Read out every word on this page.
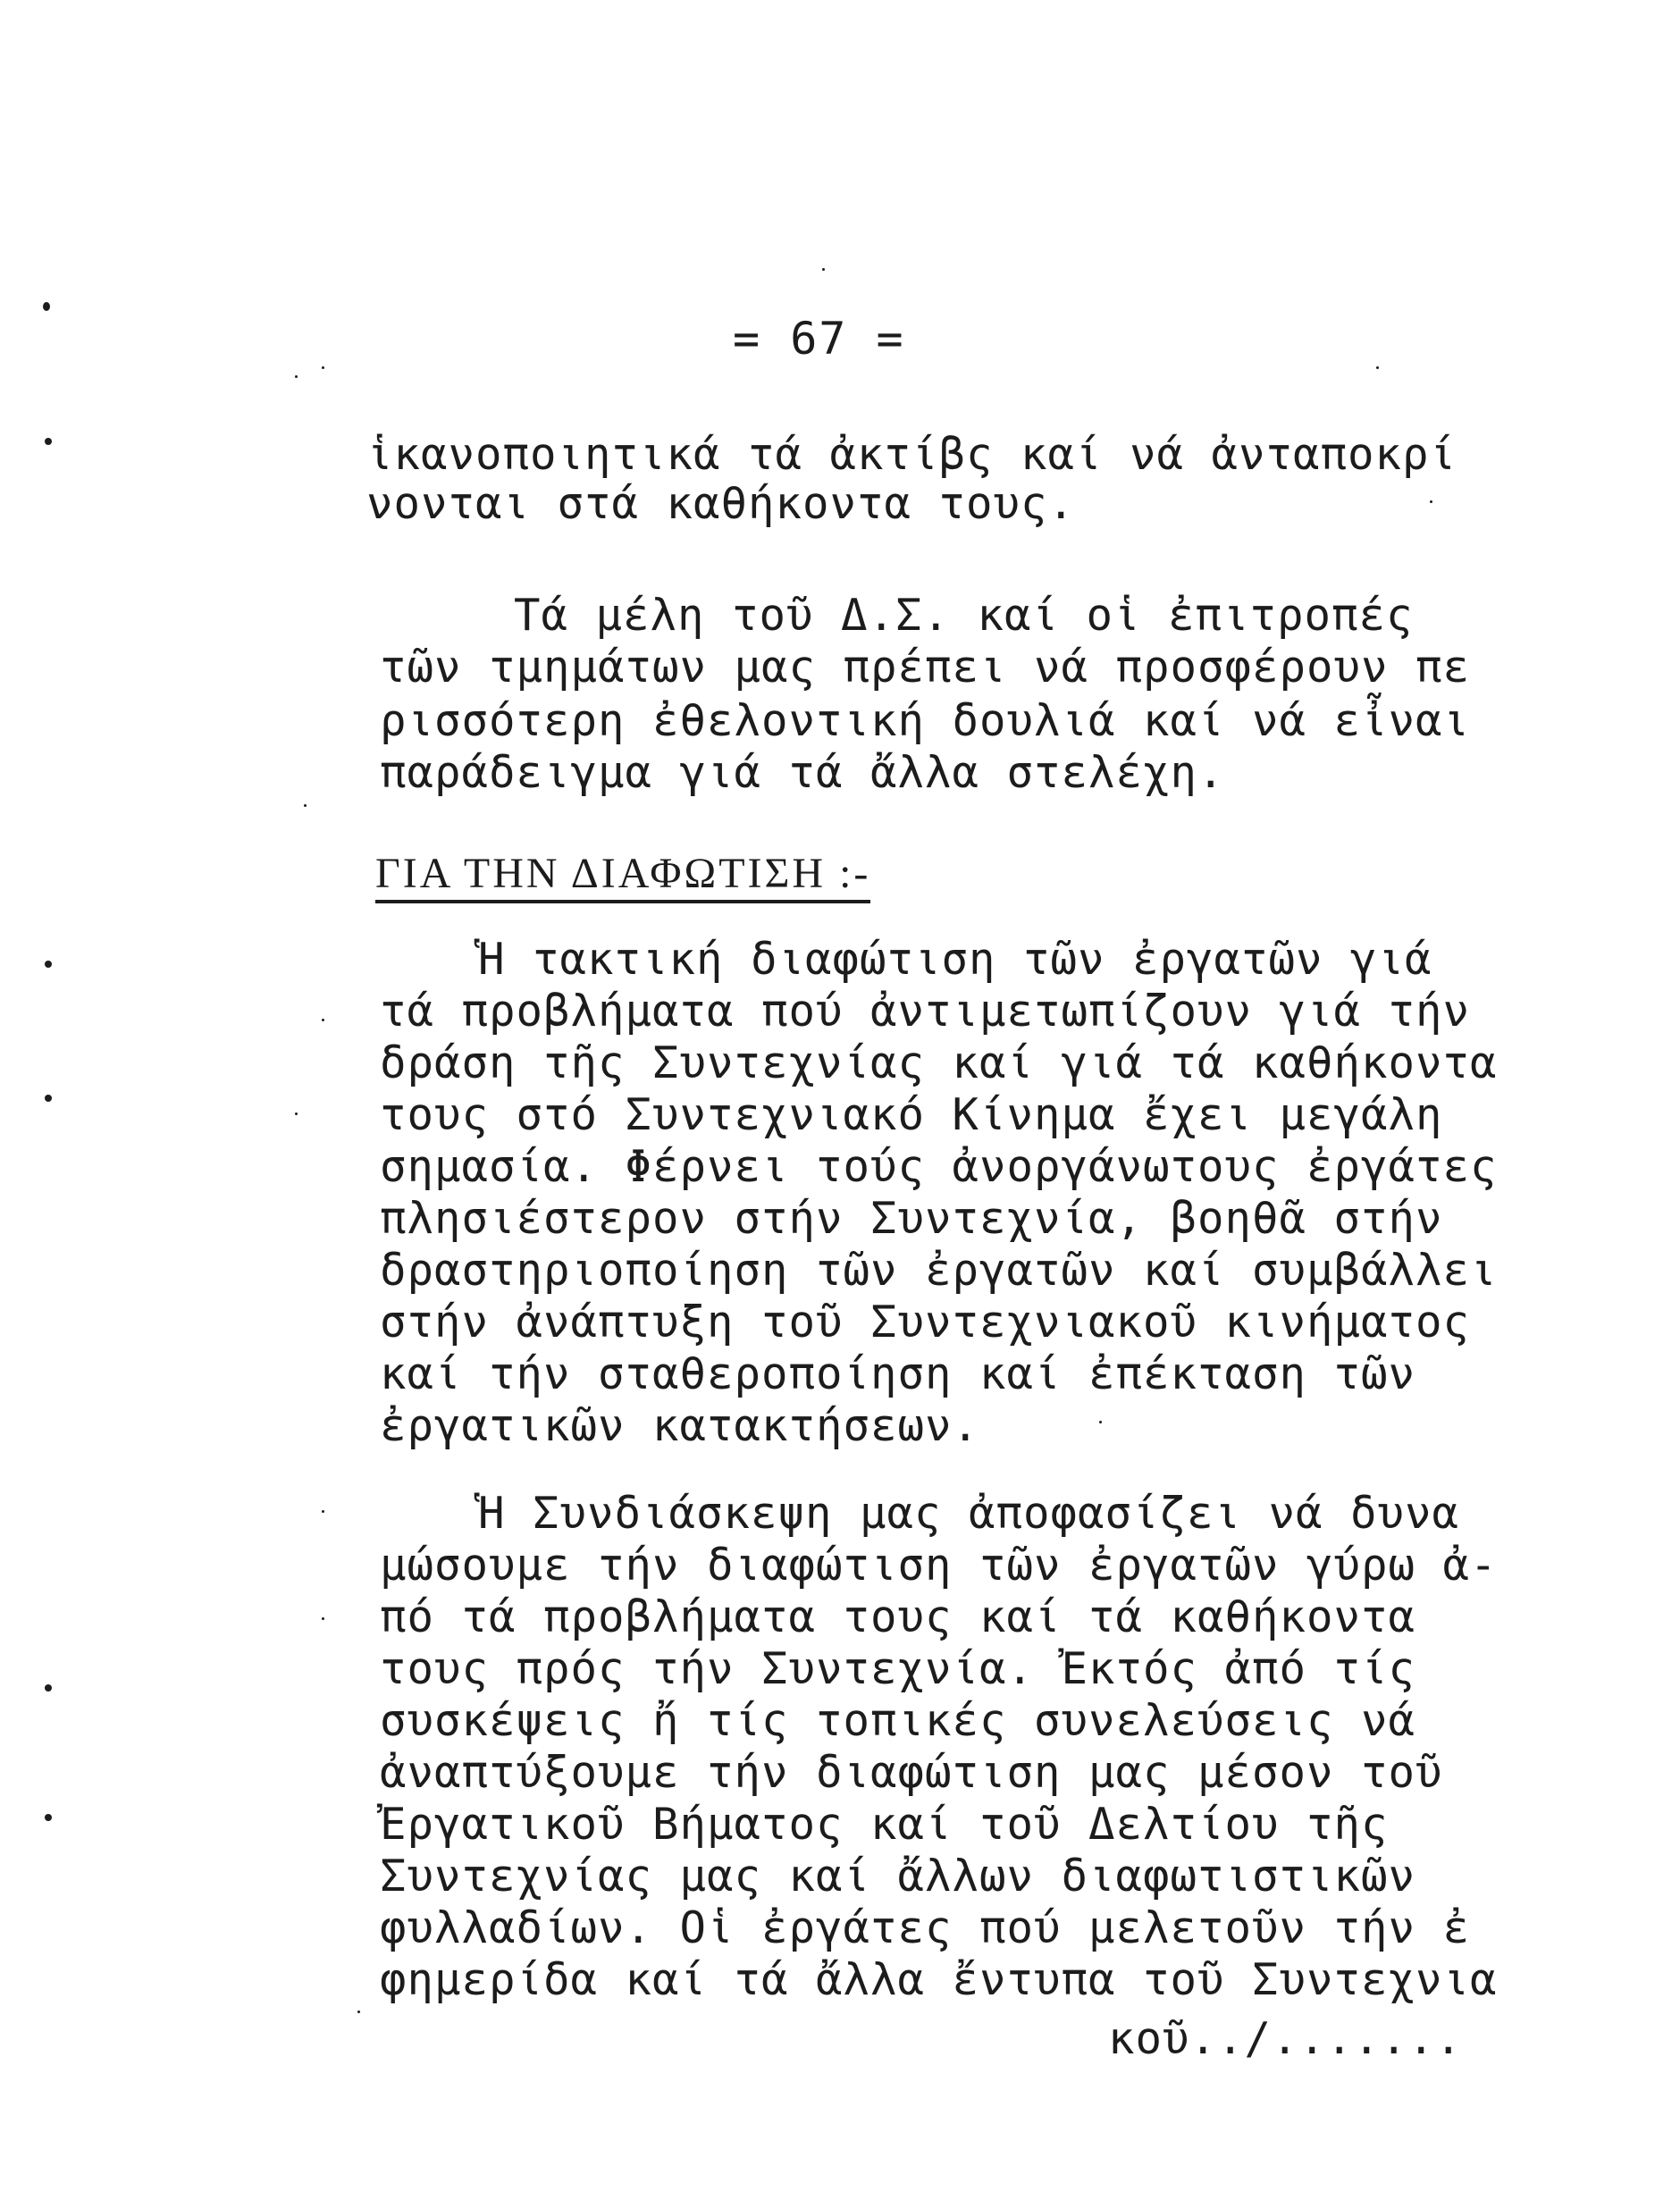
= 67 =
ἱκανοποιητικά τά ἀκτίβς καί νά ἀνταποκρί
νονται στά καθήκοντα τους.
Τά μέλη τοῦ Δ.Σ. καί οἱ ἐπιτροπές
τῶν τμημάτων μας πρέπει νά προσφέρουν πε
ρισσότερη ἐθελοντική δουλιά καί νά εἶναι
παράδειγμα γιά τά ἄλλα στελέχη.
ΓΙΑ ΤΗΝ ΔΙΑΦΩΤΙΣΗ :-
Ἡ τακτική διαφώτιση τῶν ἐργατῶν γιά
τά προβλήματα πού ἀντιμετωπίζουν γιά τήν
δράση τῆς Συντεχνίας καί γιά τά καθήκοντα
τους στό Συντεχνιακό Κίνημα ἔχει μεγάλη
σημασία. Φέρνει τούς ἀνοργάνωτους ἐργάτες
πλησιέστερον στήν Συντεχνία, βοηθᾶ στήν
δραστηριοποίηση τῶν ἐργατῶν καί συμβάλλει
στήν ἀνάπτυξη τοῦ Συντεχνιακοῦ κινήματος
καί τήν σταθεροποίηση καί ἐπέκταση τῶν
ἐργατικῶν κατακτήσεων.
Ἡ Συνδιάσκεψη μας ἀποφασίζει νά δυνα
μώσουμε τήν διαφώτιση τῶν ἐργατῶν γύρω ἀ-
πό τά προβλήματα τους καί τά καθήκοντα
τους πρός τήν Συντεχνία. Ἐκτός ἀπό τίς
συσκέψεις ἤ τίς τοπικές συνελεύσεις νά
ἀναπτύξουμε τήν διαφώτιση μας μέσον τοῦ
Ἐργατικοῦ Βήματος καί τοῦ Δελτίου τῆς
Συντεχνίας μας καί ἄλλων διαφωτιστικῶν
φυλλαδίων. Οἱ ἐργάτες πού μελετοῦν τήν ἐ
φημερίδα καί τά ἄλλα ἔντυπα τοῦ Συντεχνια
κοῦ../.......
